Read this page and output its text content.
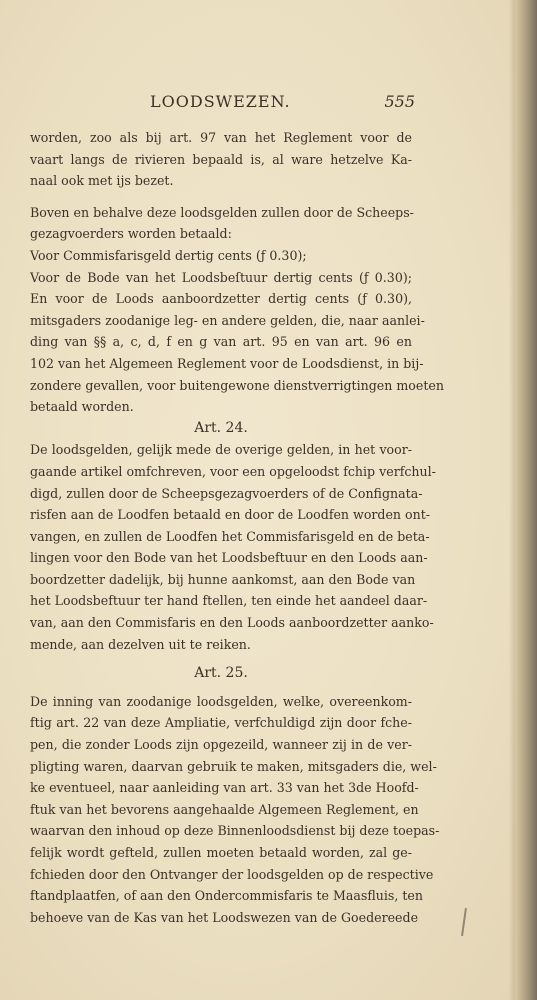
LOODSWEZEN.	555
worden, zoo als bij art. 97 van het Reglement voor de
vaart langs de rivieren bepaald is, al ware hetzelve Ka-
naal ook met ijs bezet.
Boven en behalve deze loodsgelden zullen door de Scheeps-
gezagvoerders worden betaald:
Voor Commisfarisgeld dertig cents (ƒ 0.30);
Voor de Bode van het Loodsbeſtuur dertig cents (ƒ 0.30);
En voor de Loods aanboordzetter dertig cents (ƒ 0.30),
mitsgaders zoodanige leg- en andere gelden, die, naar aanlei-
ding van §§ a, c, d, f en g van art. 95 en van art. 96 en
102 van het Algemeen Reglement voor de Loodsdienst, in bij-
zondere gevallen, voor buitengewone dienstverrigtingen moeten
betaald worden.
Art. 24.
De loodsgelden, gelijk mede de overige gelden, in het voor-
gaande artikel omfchreven, voor een opgeloodst fchip verfchul-
digd, zullen door de Scheepsgezagvoerders of de Confignata-
risfen aan de Loodfen betaald en door de Loodfen worden ont-
vangen, en zullen de Loodfen het Commisfarisgeld en de beta-
lingen voor den Bode van het Loodsbeftuur en den Loods aan-
boordzetter dadelijk, bij hunne aankomst, aan den Bode van
het Loodsbeftuur ter hand ftellen, ten einde het aandeel daar-
van, aan den Commisfaris en den Loods aanboordzetter aanko-
mende, aan dezelven uit te reiken.
Art. 25.
De inning van zoodanige loodsgelden, welke, overeenkom-
ftig art. 22 van deze Ampliatie, verfchuldigd zijn door fche-
pen, die zonder Loods zijn opgezeild, wanneer zij in de ver-
pligting waren, daarvan gebruik te maken, mitsgaders die, wel-
ke eventueel, naar aanleiding van art. 33 van het 3de Hoofd-
ftuk van het bevorens aangehaalde Algemeen Reglement, en
waarvan den inhoud op deze Binnenloodsdienst bij deze toepas-
felijk wordt gefteld, zullen moeten betaald worden, zal ge-
fchieden door den Ontvanger der loodsgelden op de respective
ftandplaatfen, of aan den Ondercommisfaris te Maasfluis, ten
behoeve van de Kas van het Loodswezen van de Goedereede
